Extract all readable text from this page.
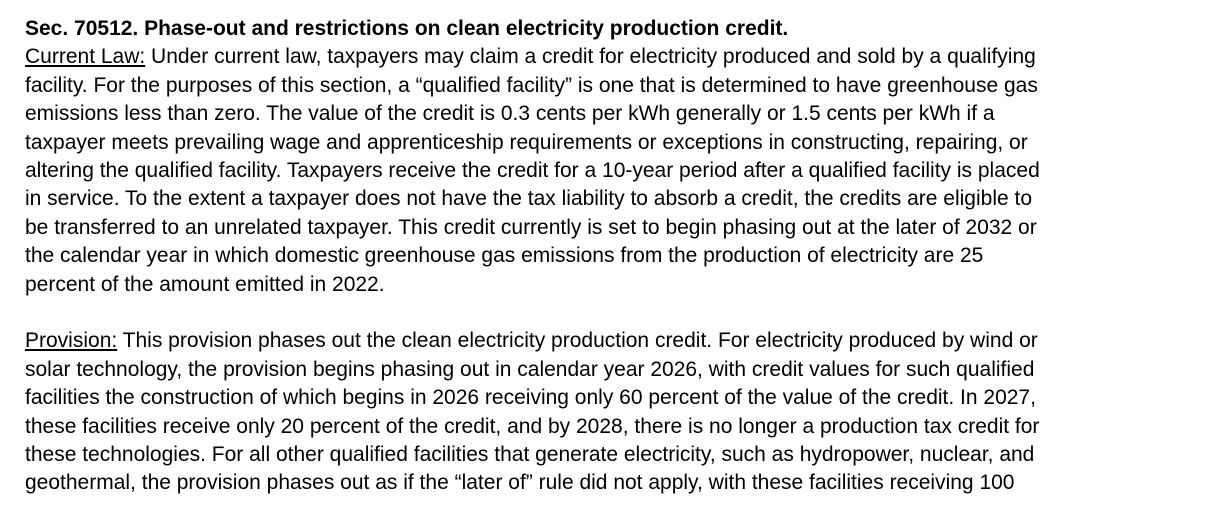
Sec. 70512. Phase-out and restrictions on clean electricity production credit.
Current Law: Under current law, taxpayers may claim a credit for electricity produced and sold by a qualifying
facility. For the purposes of this section, a “qualified facility” is one that is determined to have greenhouse gas
emissions less than zero. The value of the credit is 0.3 cents per kWh generally or 1.5 cents per kWh if a
taxpayer meets prevailing wage and apprenticeship requirements or exceptions in constructing, repairing, or
altering the qualified facility. Taxpayers receive the credit for a 10-year period after a qualified facility is placed
in service. To the extent a taxpayer does not have the tax liability to absorb a credit, the credits are eligible to
be transferred to an unrelated taxpayer. This credit currently is set to begin phasing out at the later of 2032 or
the calendar year in which domestic greenhouse gas emissions from the production of electricity are 25
percent of the amount emitted in 2022.
Provision: This provision phases out the clean electricity production credit. For electricity produced by wind or
solar technology, the provision begins phasing out in calendar year 2026, with credit values for such qualified
facilities the construction of which begins in 2026 receiving only 60 percent of the value of the credit. In 2027,
these facilities receive only 20 percent of the credit, and by 2028, there is no longer a production tax credit for
these technologies. For all other qualified facilities that generate electricity, such as hydropower, nuclear, and
geothermal, the provision phases out as if the “later of” rule did not apply, with these facilities receiving 100
